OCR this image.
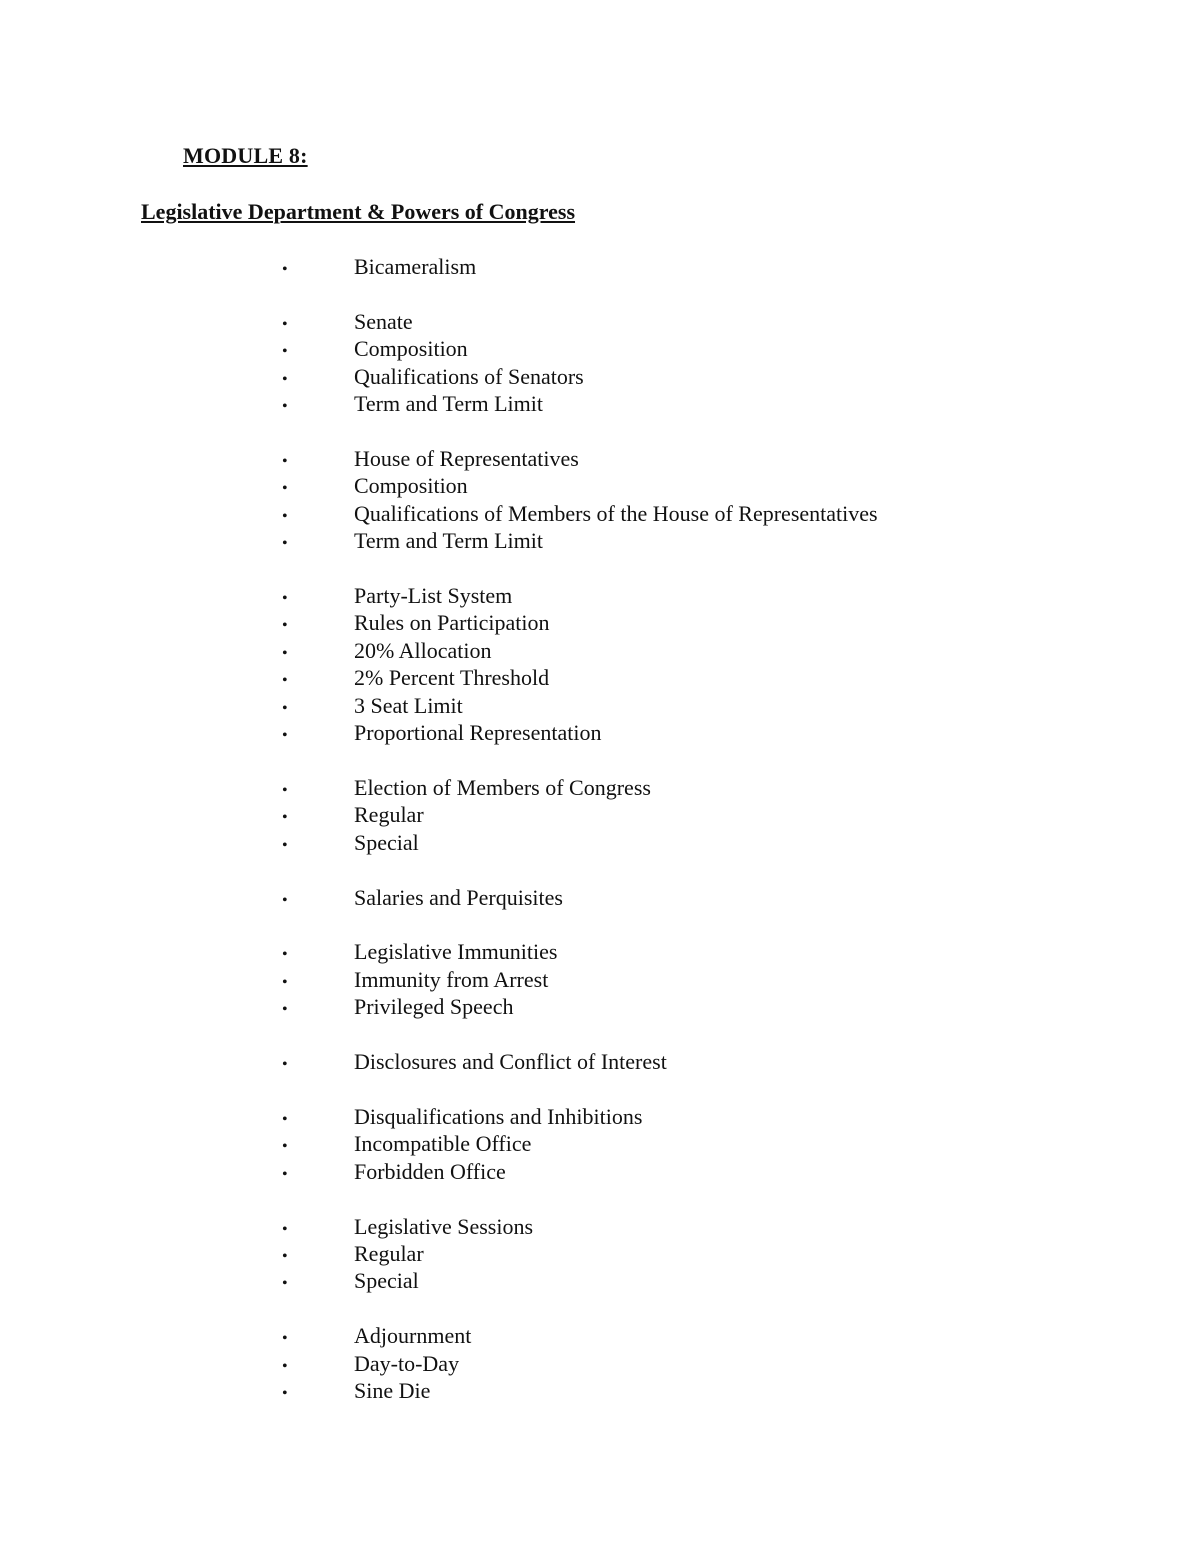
MODULE 8:
Legislative Department & Powers of Congress
•	Bicameralism
•	Senate
•	Composition
•	Qualifications of Senators
•	Term and Term Limit
•	House of Representatives
•	Composition
•	Qualifications of Members of the House of Representatives
•	Term and Term Limit
•	Party-List System
•	Rules on Participation
•	20% Allocation
•	2% Percent Threshold
•	3 Seat Limit
•	Proportional Representation
•	Election of Members of Congress
•	Regular
•	Special
•	Salaries and Perquisites
•	Legislative Immunities
•	Immunity from Arrest
•	Privileged Speech
•	Disclosures and Conflict of Interest
•	Disqualifications and Inhibitions
•	Incompatible Office
•	Forbidden Office
•	Legislative Sessions
•	Regular
•	Special
•	Adjournment
•	Day-to-Day
•	Sine Die
